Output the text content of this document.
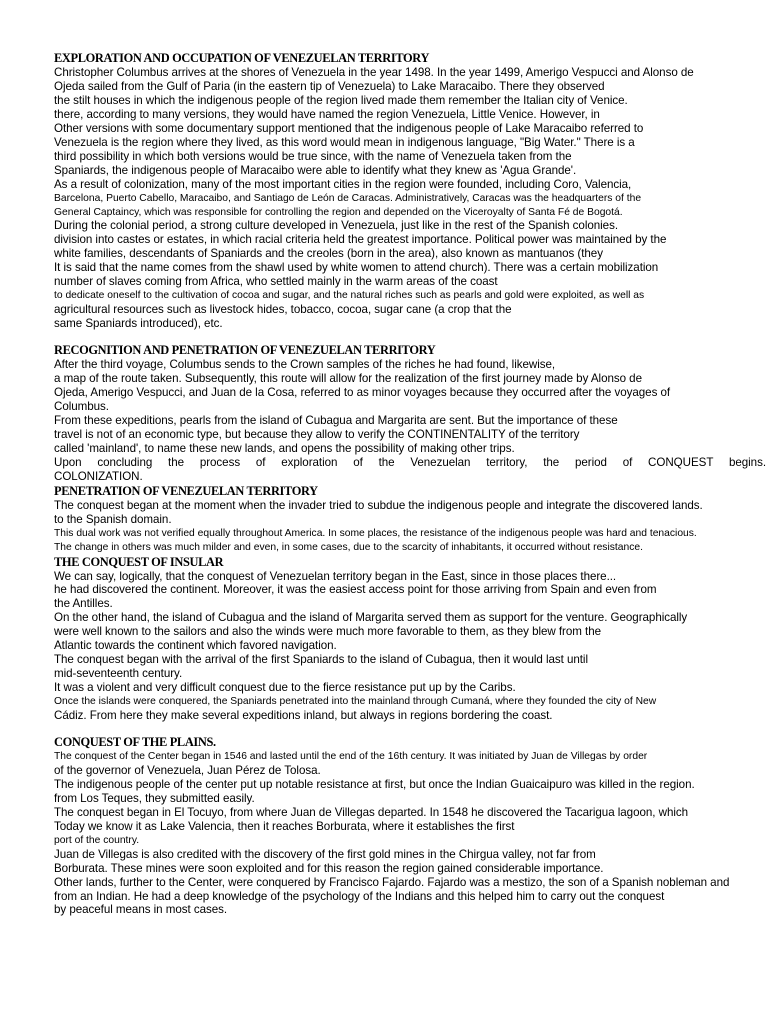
EXPLORATION AND OCCUPATION OF VENEZUELAN TERRITORY
Christopher Columbus arrives at the shores of Venezuela in the year 1498. In the year 1499, Amerigo Vespucci and Alonso de
Ojeda sailed from the Gulf of Paria (in the eastern tip of Venezuela) to Lake Maracaibo. There they observed
the stilt houses in which the indigenous people of the region lived made them remember the Italian city of Venice.
there, according to many versions, they would have named the region Venezuela, Little Venice. However, in
Other versions with some documentary support mentioned that the indigenous people of Lake Maracaibo referred to
Venezuela is the region where they lived, as this word would mean in indigenous language, "Big Water." There is a
third possibility in which both versions would be true since, with the name of Venezuela taken from the
Spaniards, the indigenous people of Maracaibo were able to identify what they knew as 'Agua Grande'.
As a result of colonization, many of the most important cities in the region were founded, including Coro, Valencia,
Barcelona, Puerto Cabello, Maracaibo, and Santiago de León de Caracas. Administratively, Caracas was the headquarters of the
General Captaincy, which was responsible for controlling the region and depended on the Viceroyalty of Santa Fé de Bogotá.
During the colonial period, a strong culture developed in Venezuela, just like in the rest of the Spanish colonies.
division into castes or estates, in which racial criteria held the greatest importance. Political power was maintained by the
white families, descendants of Spaniards and the creoles (born in the area), also known as mantuanos (they
It is said that the name comes from the shawl used by white women to attend church). There was a certain mobilization
number of slaves coming from Africa, who settled mainly in the warm areas of the coast
to dedicate oneself to the cultivation of cocoa and sugar, and the natural riches such as pearls and gold were exploited, as well as
agricultural resources such as livestock hides, tobacco, cocoa, sugar cane (a crop that the
same Spaniards introduced), etc.
RECOGNITION AND PENETRATION OF VENEZUELAN TERRITORY
After the third voyage, Columbus sends to the Crown samples of the riches he had found, likewise,
a map of the route taken. Subsequently, this route will allow for the realization of the first journey made by Alonso de
Ojeda, Amerigo Vespucci, and Juan de la Cosa, referred to as minor voyages because they occurred after the voyages of
Columbus.
From these expeditions, pearls from the island of Cubagua and Margarita are sent. But the importance of these
travel is not of an economic type, but because they allow to verify the CONTINENTALITY of the territory
called 'mainland', to name these new lands, and opens the possibility of making other trips.
Upon concluding the process of exploration of the Venezuelan territory, the period of CONQUEST begins.
COLONIZATION.
PENETRATION OF VENEZUELAN TERRITORY
The conquest began at the moment when the invader tried to subdue the indigenous people and integrate the discovered lands.
to the Spanish domain.
This dual work was not verified equally throughout America. In some places, the resistance of the indigenous people was hard and tenacious.
The change in others was much milder and even, in some cases, due to the scarcity of inhabitants, it occurred without resistance.
THE CONQUEST OF INSULAR
We can say, logically, that the conquest of Venezuelan territory began in the East, since in those places there...
he had discovered the continent. Moreover, it was the easiest access point for those arriving from Spain and even from
the Antilles.
On the other hand, the island of Cubagua and the island of Margarita served them as support for the venture. Geographically
were well known to the sailors and also the winds were much more favorable to them, as they blew from the
Atlantic towards the continent which favored navigation.
The conquest began with the arrival of the first Spaniards to the island of Cubagua, then it would last until
mid-seventeenth century.
It was a violent and very difficult conquest due to the fierce resistance put up by the Caribs.
Once the islands were conquered, the Spaniards penetrated into the mainland through Cumaná, where they founded the city of New
Cádiz. From here they make several expeditions inland, but always in regions bordering the coast.
CONQUEST OF THE PLAINS.
The conquest of the Center began in 1546 and lasted until the end of the 16th century. It was initiated by Juan de Villegas by order
of the governor of Venezuela, Juan Pérez de Tolosa.
The indigenous people of the center put up notable resistance at first, but once the Indian Guaicaipuro was killed in the region.
from Los Teques, they submitted easily.
The conquest began in El Tocuyo, from where Juan de Villegas departed. In 1548 he discovered the Tacarigua lagoon, which
Today we know it as Lake Valencia, then it reaches Borburata, where it establishes the first
port of the country.
Juan de Villegas is also credited with the discovery of the first gold mines in the Chirgua valley, not far from
Borburata. These mines were soon exploited and for this reason the region gained considerable importance.
Other lands, further to the Center, were conquered by Francisco Fajardo. Fajardo was a mestizo, the son of a Spanish nobleman and
from an Indian. He had a deep knowledge of the psychology of the Indians and this helped him to carry out the conquest
by peaceful means in most cases.
